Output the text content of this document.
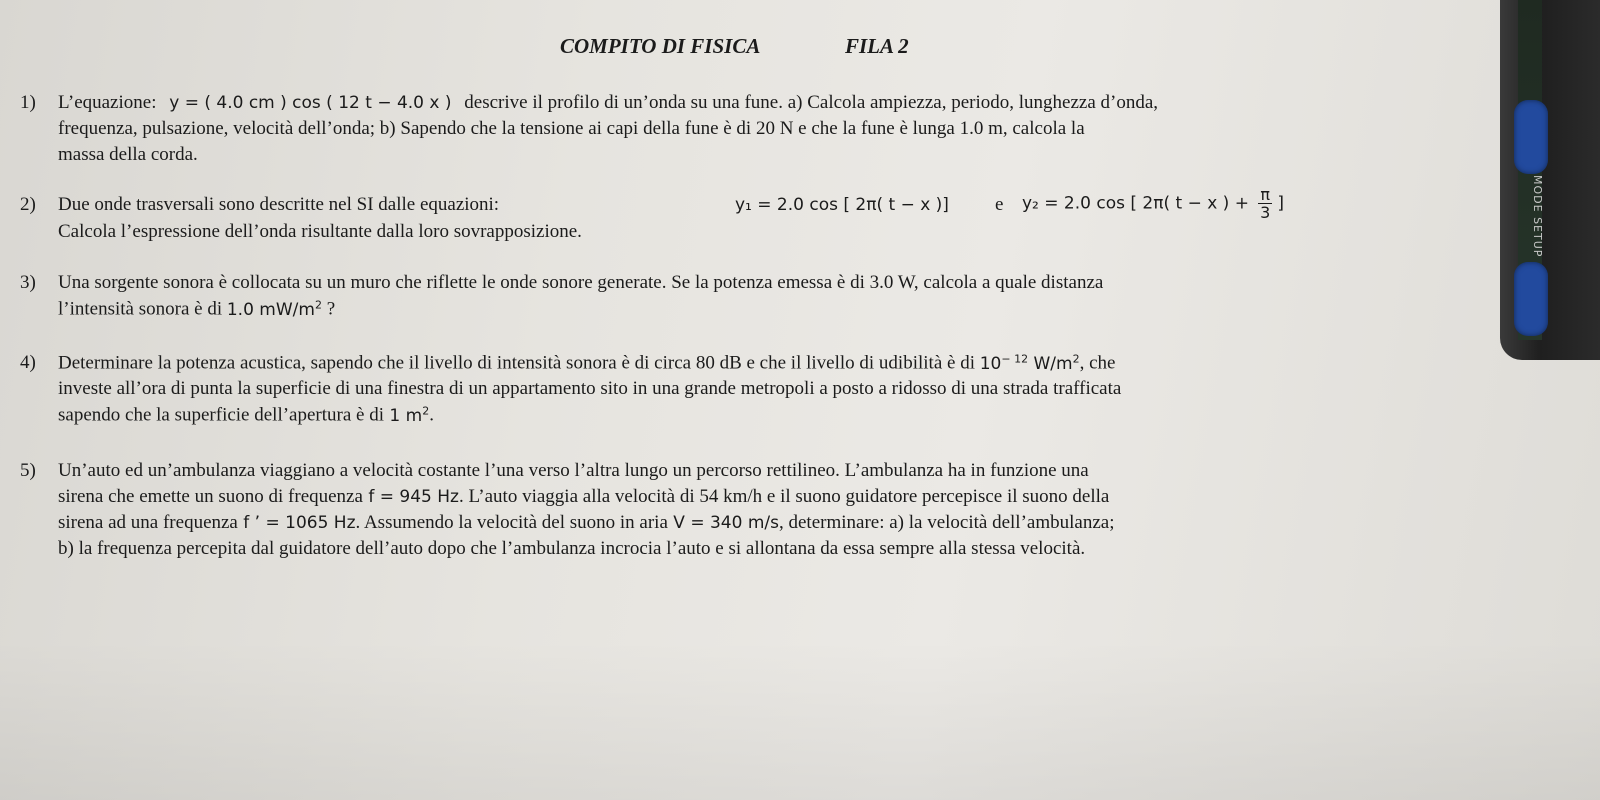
MODE SETUP
COMPITO DI FISICA	FILA 2
1) L’equazione: y = ( 4.0 cm ) cos ( 12 t − 4.0 x ) descrive il profilo di un’onda su una fune. a) Calcola ampiezza, periodo, lunghezza d’onda,
frequenza, pulsazione, velocità dell’onda; b) Sapendo che la tensione ai capi della fune è di 20 N e che la fune è lunga 1.0 m, calcola la
massa della corda.
2) Due onde trasversali sono descritte nel SI dalle equazioni:	y₁ = 2.0 cos [ 2π( t − x )] e y₂ = 2.0 cos [ 2π( t − x ) + $\frac{\pi}{3}$ ]
Calcola l’espressione dell’onda risultante dalla loro sovrapposizione.
3) Una sorgente sonora è collocata su un muro che riflette le onde sonore generate. Se la potenza emessa è di 3.0 W, calcola a quale distanza
l’intensità sonora è di 1.0 $mW/m^2$ ?
4) Determinare la potenza acustica, sapendo che il livello di intensità sonora è di circa 80 dB e che il livello di udibilità è di $10^{- 12}$ $W/m^2$, che
investe all’ora di punta la superficie di una finestra di un appartamento sito in una grande metropoli a posto a ridosso di una strada trafficata
sapendo che la superficie dell’apertura è di 1 $m^2$.
5) Un’auto ed un’ambulanza viaggiano a velocità costante l’una verso l’altra lungo un percorso rettilineo. L’ambulanza ha in funzione una
sirena che emette un suono di frequenza f = 945 Hz. L’auto viaggia alla velocità di 54 km/h e il suono guidatore percepisce il suono della
sirena ad una frequenza f ’ = 1065 Hz. Assumendo la velocità del suono in aria V = 340 m/s, determinare: a) la velocità dell’ambulanza;
b) la frequenza percepita dal guidatore dell’auto dopo che l’ambulanza incrocia l’auto e si allontana da essa sempre alla stessa velocità.
